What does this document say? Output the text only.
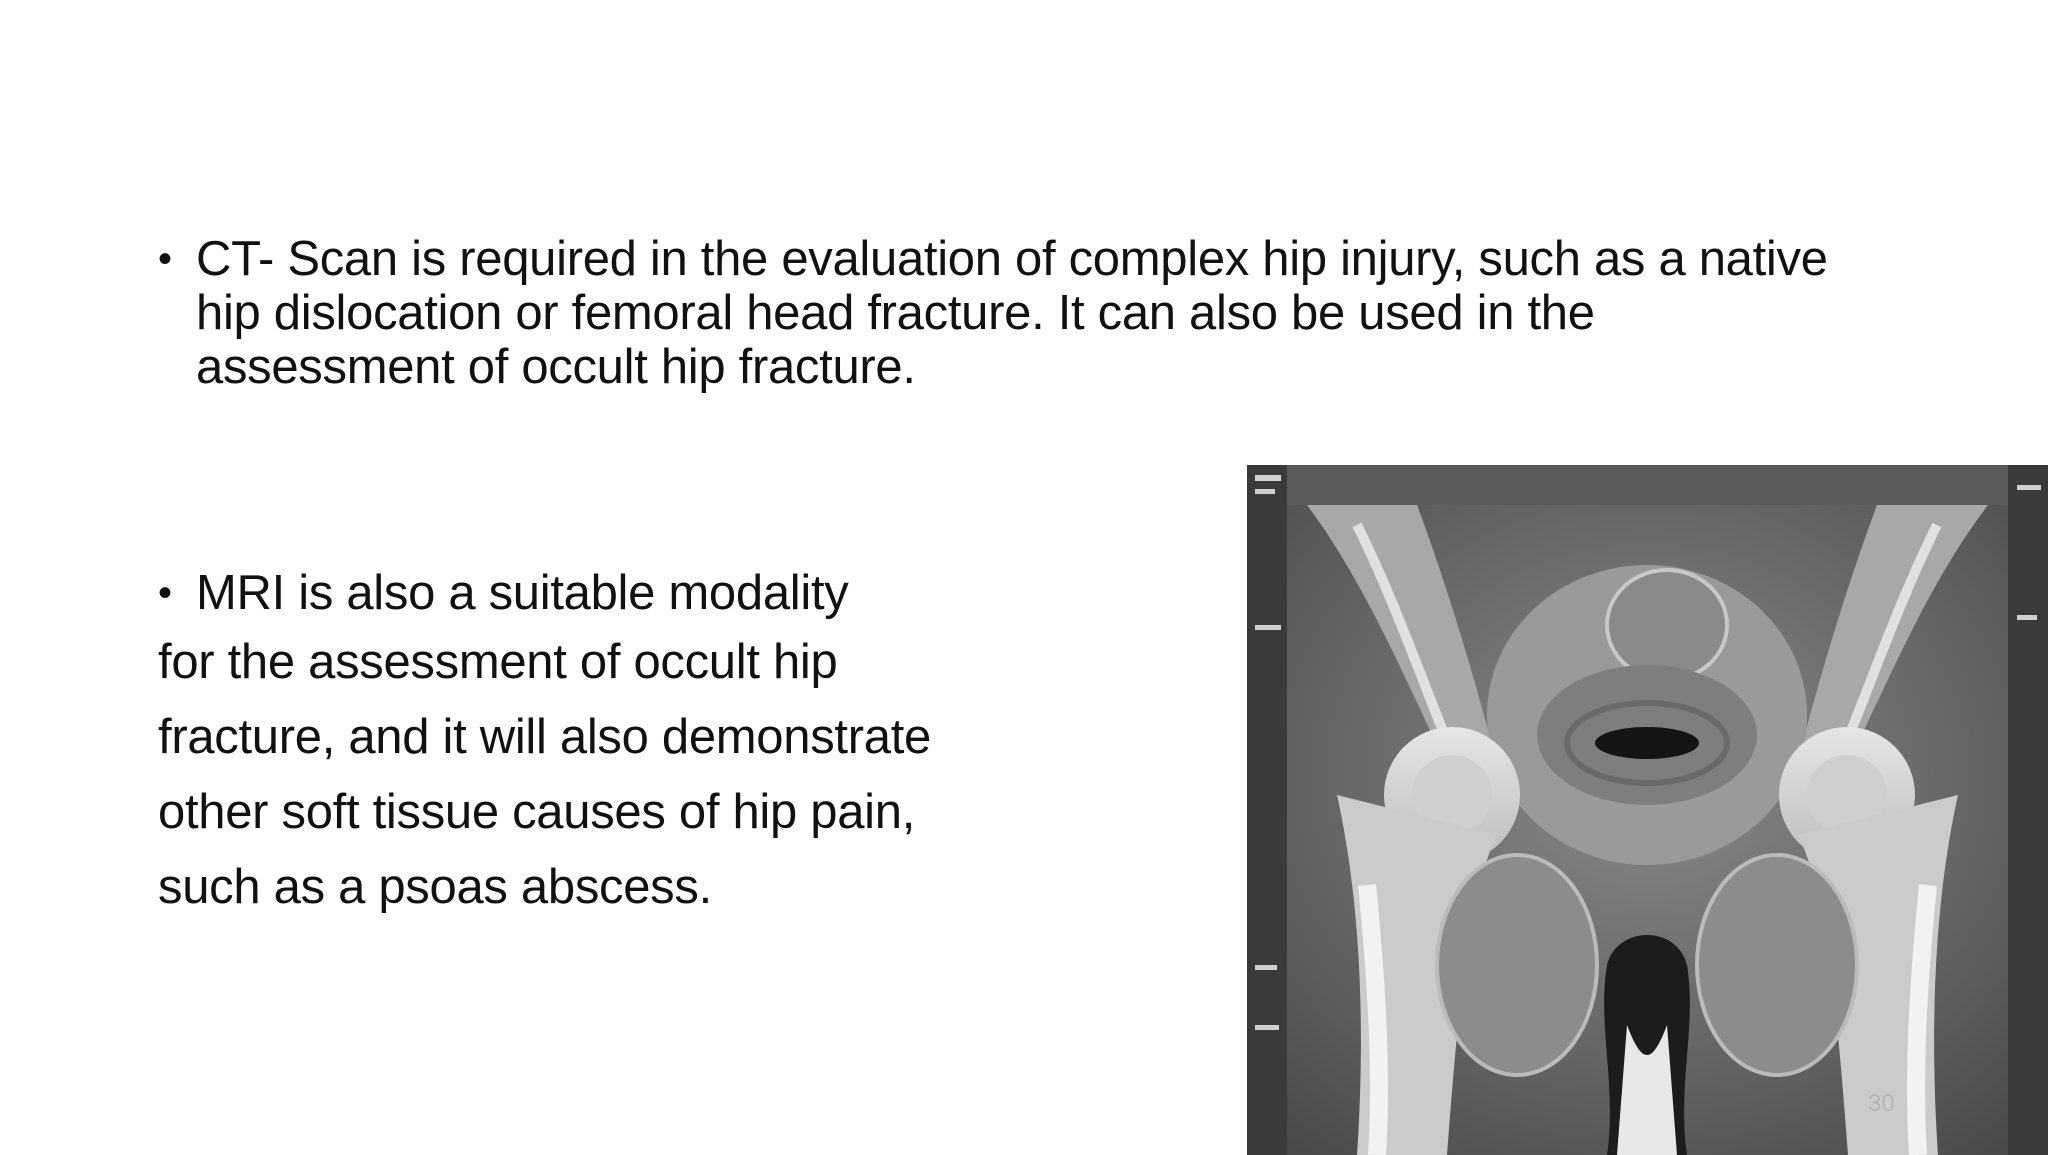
• CT- Scan is required in the evaluation of complex hip injury, such as a native
hip dislocation or femoral head fracture. It can also be used in the
assessment of occult hip fracture.
• MRI is also a suitable modality
for the assessment of occult hip
fracture, and it will also demonstrate
other soft tissue causes of hip pain,
such as a psoas abscess.
30
